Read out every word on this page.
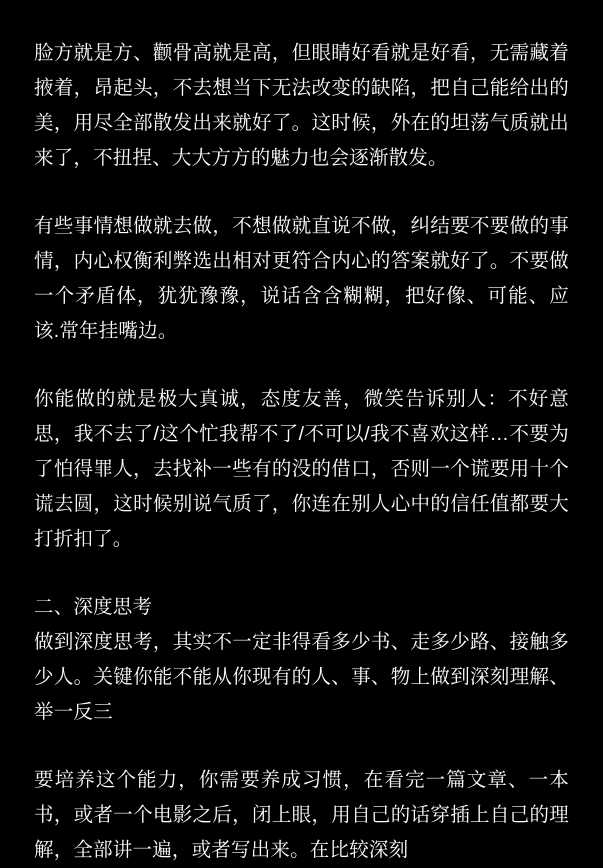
脸方就是方、颧骨高就是高，但眼睛好看就是好看，无需藏着掖着，昂起头，不去想当下无法改变的缺陷，把自己能给出的美，用尽全部散发出来就好了。这时候，外在的坦荡气质就出来了，不扭捏、大大方方的魅力也会逐渐散发。

有些事情想做就去做，不想做就直说不做，纠结要不要做的事情，内心权衡利弊选出相对更符合内心的答案就好了。不要做一个矛盾体，犹犹豫豫，说话含含糊糊，把好像、可能、应该.常年挂嘴边。

你能做的就是极大真诚，态度友善，微笑告诉别人：不好意思，我不去了/这个忙我帮不了/不可以/我不喜欢这样…不要为了怕得罪人，去找补一些有的没的借口，否则一个谎要用十个谎去圆，这时候别说气质了，你连在别人心中的信任值都要大打折扣了。

二、深度思考

做到深度思考，其实不一定非得看多少书、走多少路、接触多少人。关键你能不能从你现有的人、事、物上做到深刻理解、举一反三

要培养这个能力，你需要养成习惯，在看完一篇文章、一本书，或者一个电影之后，闭上眼，用自己的话穿插上自己的理解，全部讲一遍，或者写出来。在比较深刻
